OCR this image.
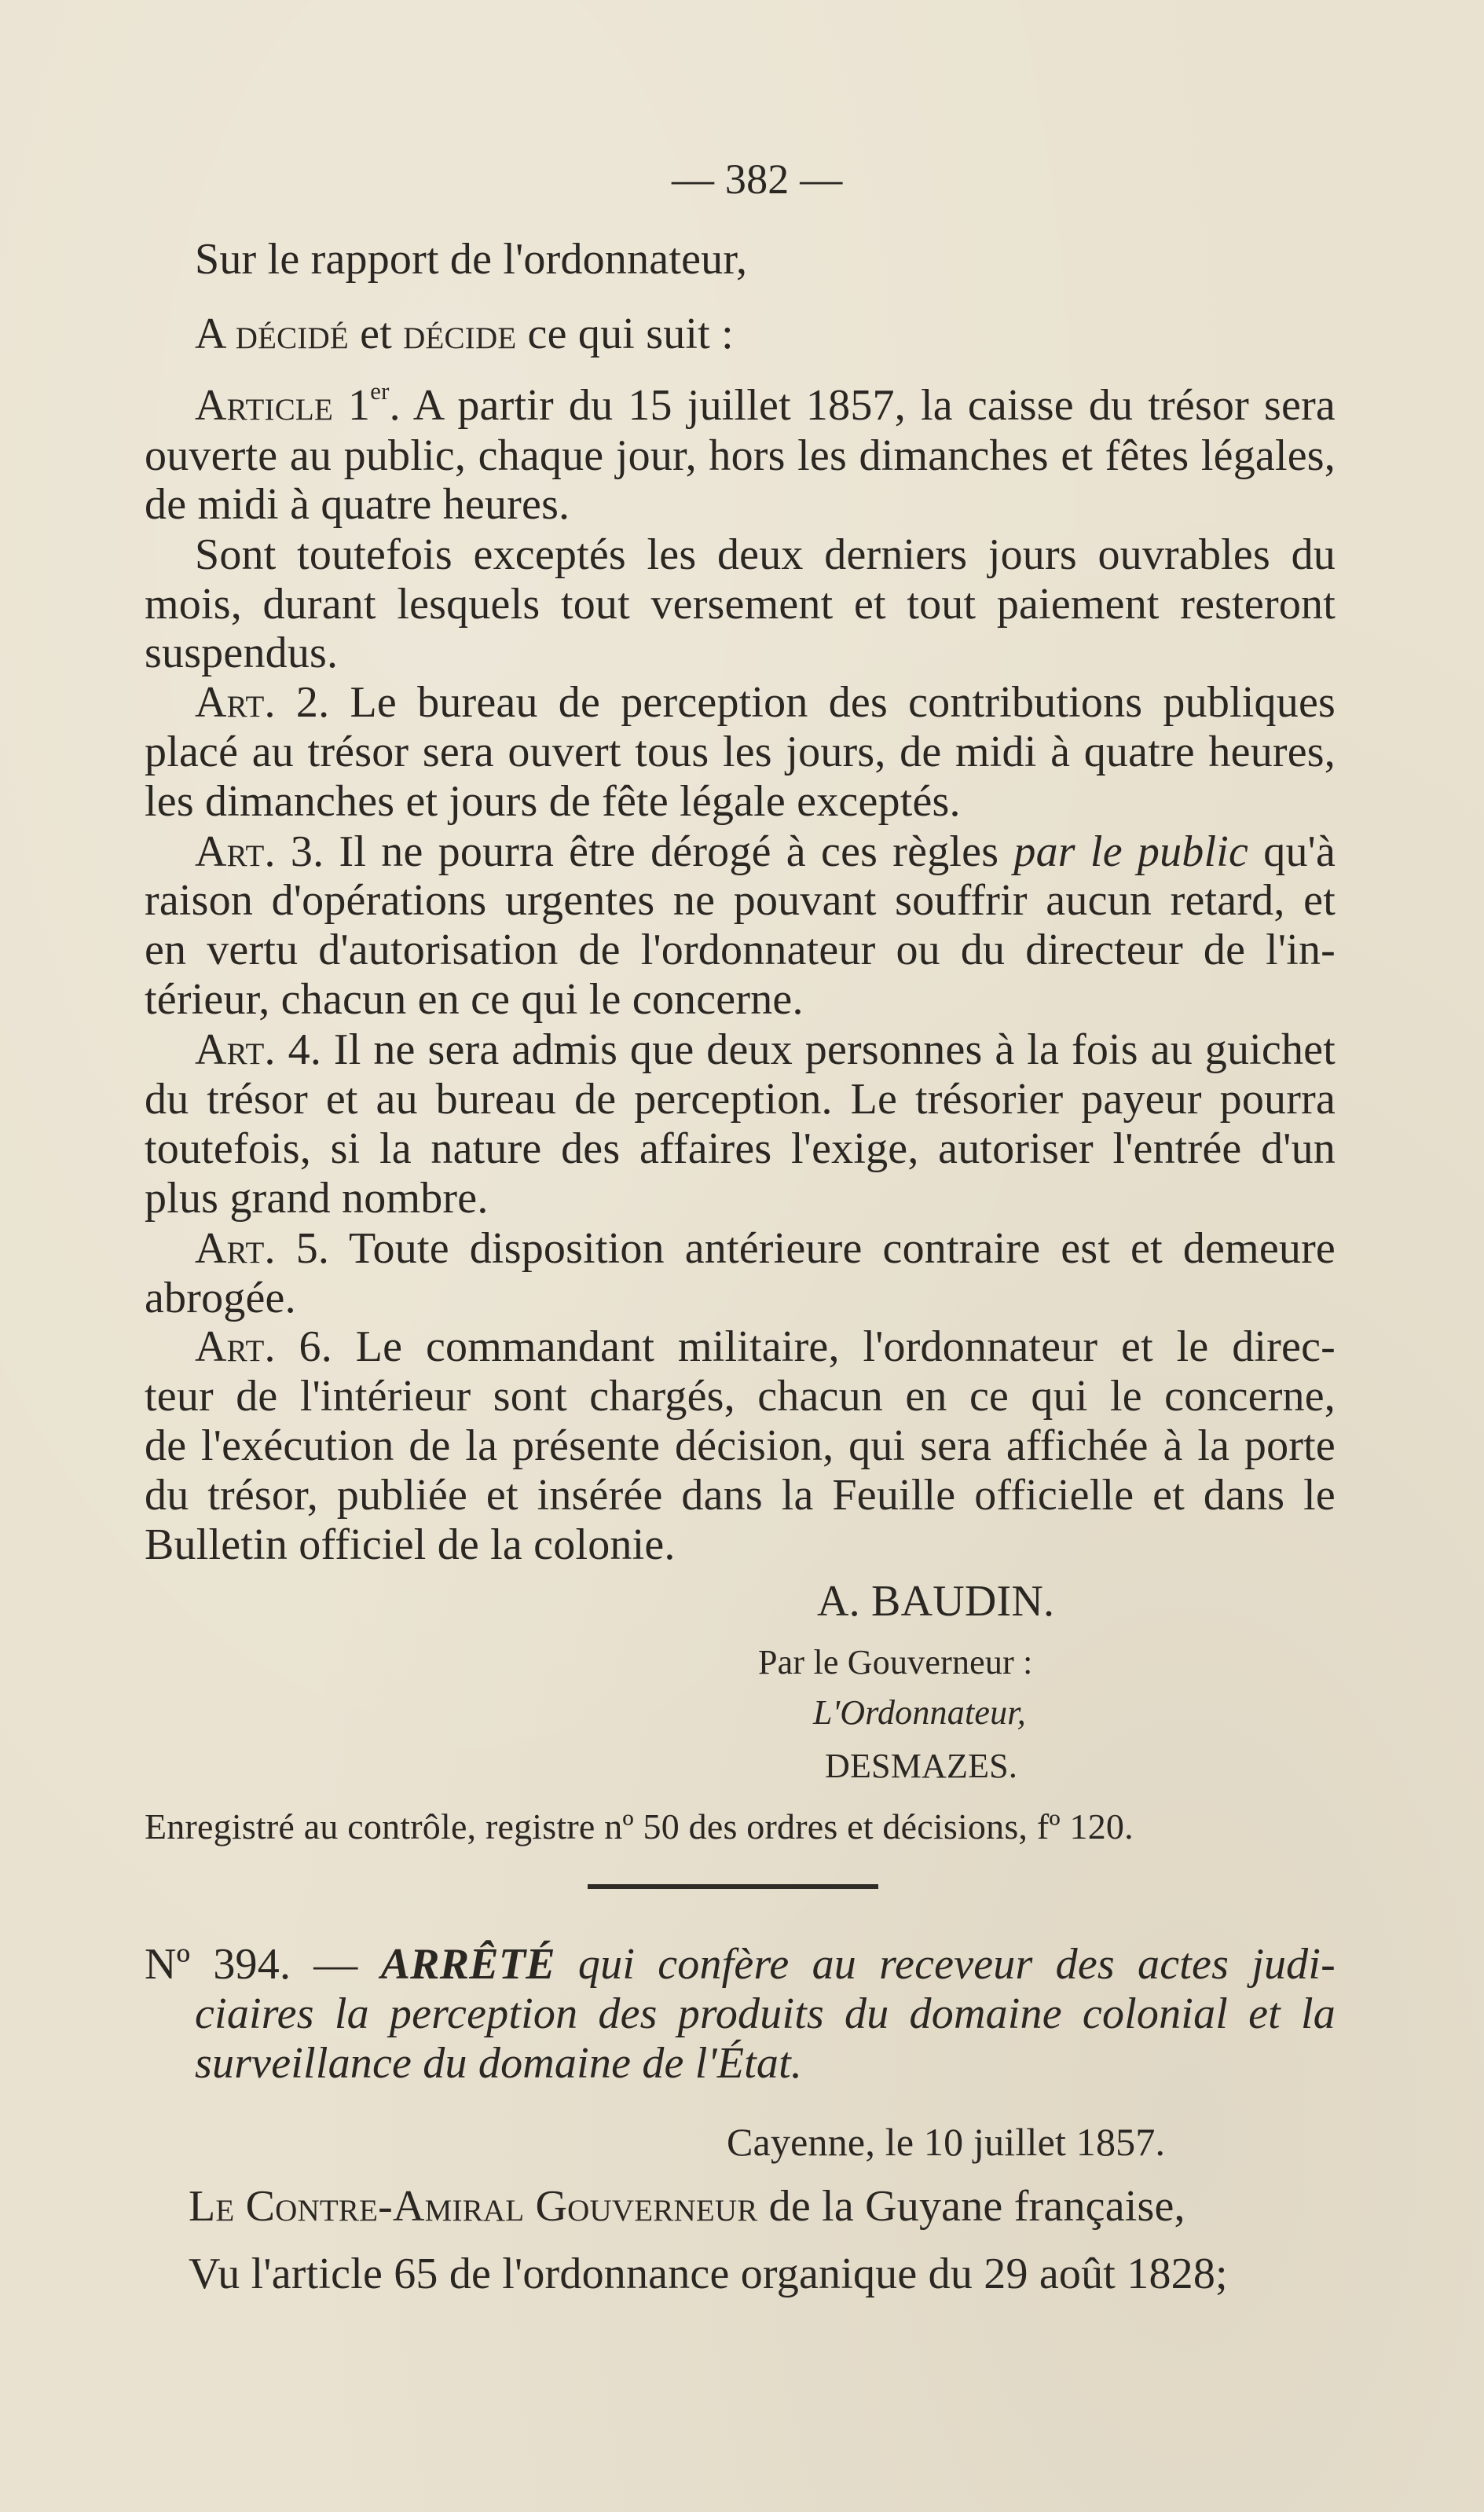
— 382 —
Sur le rapport de l'ordonnateur,
A décidé et décide ce qui suit :
Article 1er. A partir du 15 juillet 1857, la caisse du trésor sera
ouverte au public, chaque jour, hors les dimanches et fêtes légales,
de midi à quatre heures.
Sont toutefois exceptés les deux derniers jours ouvrables du
mois, durant lesquels tout versement et tout paiement resteront
suspendus.
Art. 2. Le bureau de perception des contributions publiques
placé au trésor sera ouvert tous les jours, de midi à quatre heures,
les dimanches et jours de fête légale exceptés.
Art. 3. Il ne pourra être dérogé à ces règles par le public qu'à
raison d'opérations urgentes ne pouvant souffrir aucun retard, et
en vertu d'autorisation de l'ordonnateur ou du directeur de l'in-
térieur, chacun en ce qui le concerne.
Art. 4. Il ne sera admis que deux personnes à la fois au guichet
du trésor et au bureau de perception. Le trésorier payeur pourra
toutefois, si la nature des affaires l'exige, autoriser l'entrée d'un
plus grand nombre.
Art. 5. Toute disposition antérieure contraire est et demeure
abrogée.
Art. 6. Le commandant militaire, l'ordonnateur et le direc-
teur de l'intérieur sont chargés, chacun en ce qui le concerne,
de l'exécution de la présente décision, qui sera affichée à la porte
du trésor, publiée et insérée dans la Feuille officielle et dans le
Bulletin officiel de la colonie.
A. BAUDIN.
Par le Gouverneur :
L'Ordonnateur,
DESMAZES.
Enregistré au contrôle, registre nº 50 des ordres et décisions, fº 120.
Nº 394. — ARRÊTÉ qui confère au receveur des actes judi-
ciaires la perception des produits du domaine colonial et la
surveillance du domaine de l'État.
Cayenne, le 10 juillet 1857.
Le Contre-Amiral Gouverneur de la Guyane française,
Vu l'article 65 de l'ordonnance organique du 29 août 1828;
